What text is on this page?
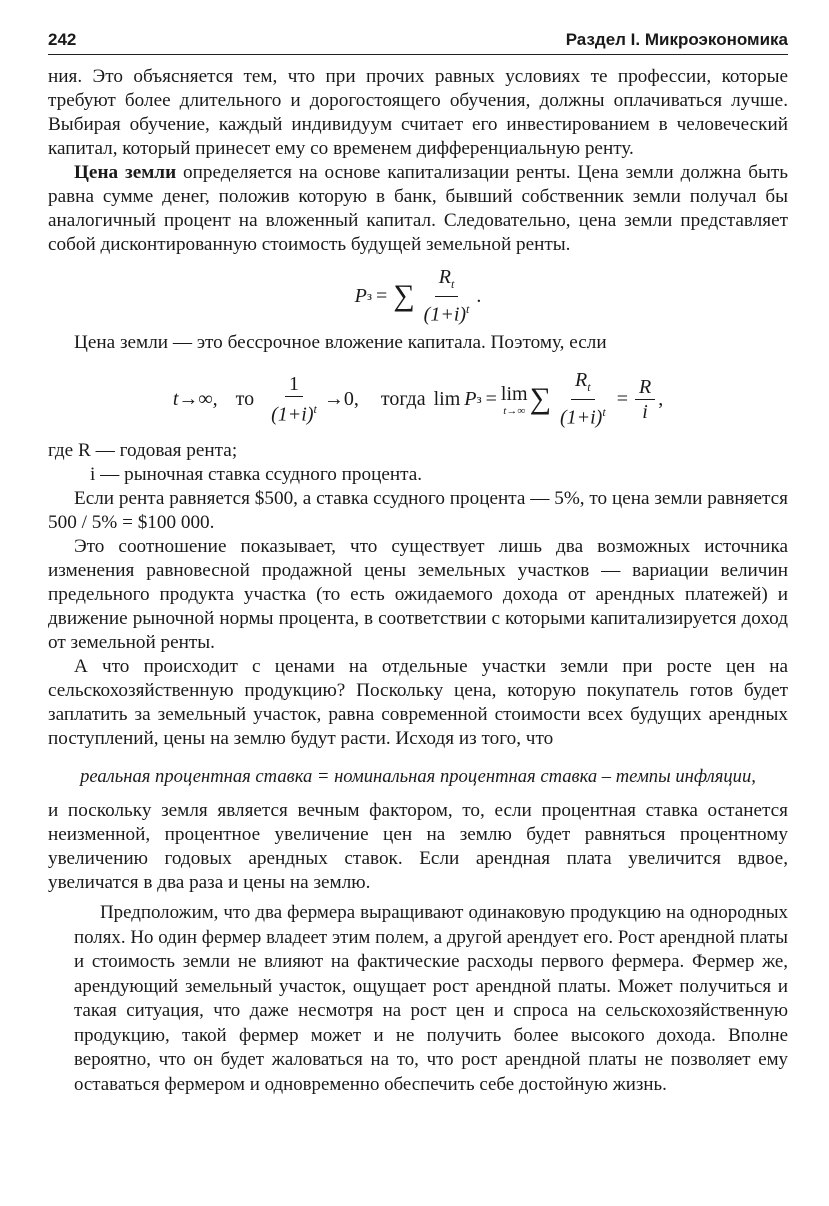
242	Раздел I. Микроэкономика

ния. Это объясняется тем, что при прочих равных условиях те профессии, которые требуют более длительного и дорогостоящего обучения, должны оплачиваться лучше. Выбирая обучение, каждый индивидуум считает его инвестированием в человеческий капитал, который принесет ему со временем дифференциальную ренту.

Цена земли определяется на основе капитализации ренты. Цена земли должна быть равна сумме денег, положив которую в банк, бывший собственник земли получал бы аналогичный процент на вложенный капитал. Следовательно, цена земли представляет собой дисконтированную стоимость будущей земельной ренты.

P з = ∑ $\frac{R_t}{(1+i)^t}$ .

Цена земли — это бессрочное вложение капитала. Поэтому, если

t→∞, то $\frac{1}{(1+i)^t} \to 0$, тогда lim P з = lim
t→∞ ∑ $\frac{R_t}{(1+i)^t} = \frac{R}{i}$ ,

где R — годовая рента;

i — рыночная ставка ссудного процента.

Если рента равняется $500, а ставка ссудного процента — 5%, то цена земли равняется 500 / 5% = $100 000.

Это соотношение показывает, что существует лишь два возможных источника изменения равновесной продажной цены земельных участков — вариации величин предельного продукта участка (то есть ожидаемого дохода от арендных платежей) и движение рыночной нормы процента, в соответствии с которыми капитализируется доход от земельной ренты.

А что происходит с ценами на отдельные участки земли при росте цен на сельскохозяйственную продукцию? Поскольку цена, которую покупатель готов будет заплатить за земельный участок, равна современной стоимости всех будущих арендных поступлений, цены на землю будут расти. Исходя из того, что

реальная процентная ставка = номинальная процентная ставка – темпы инфляции,

и поскольку земля является вечным фактором, то, если процентная ставка останется неизменной, процентное увеличение цен на землю будет равняться процентному увеличению годовых арендных ставок. Если арендная плата увеличится вдвое, увеличатся в два раза и цены на землю.

Предположим, что два фермера выращивают одинаковую продукцию на однородных полях. Но один фермер владеет этим полем, а другой арендует его. Рост арендной платы и стоимость земли не влияют на фактические расходы первого фермера. Фермер же, арендующий земельный участок, ощущает рост арендной платы. Может получиться и такая ситуация, что даже несмотря на рост цен и спроса на сельскохозяйственную продукцию, такой фермер может и не получить более высокого дохода. Вполне вероятно, что он будет жаловаться на то, что рост арендной платы не позволяет ему оставаться фермером и одновременно обеспечить себе достойную жизнь.
